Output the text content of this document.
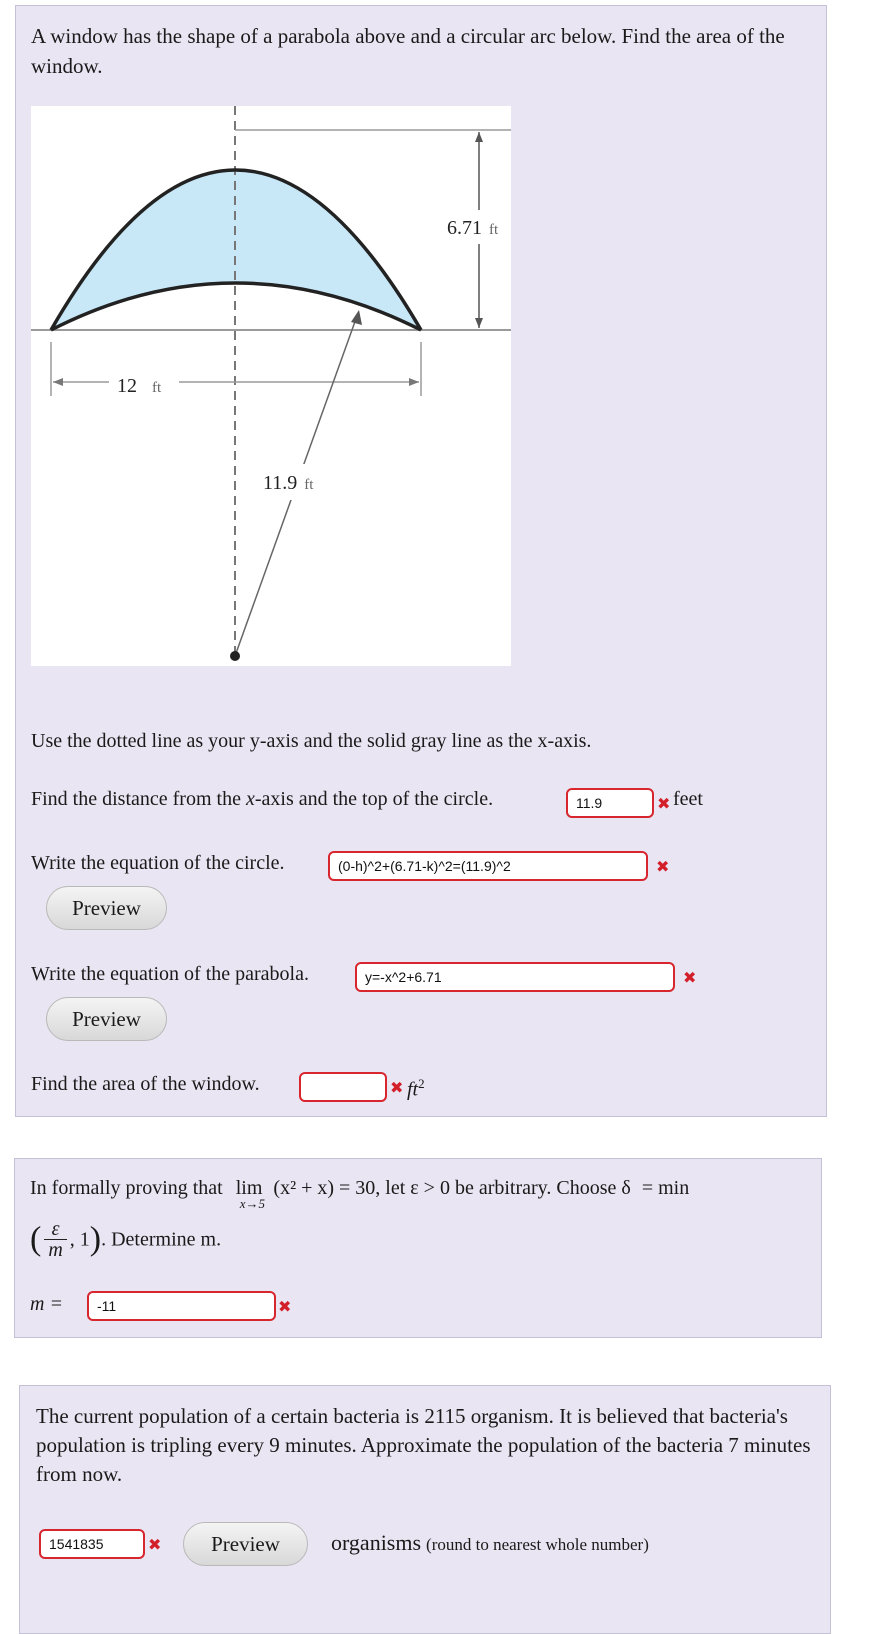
A window has the shape of a parabola above and a circular arc below. Find the area of the window.
6.71 ft
12 ft
11.9 ft
Use the dotted line as your y-axis and the solid gray line as the x-axis.
Find the distance from the x-axis and the top of the circle.
11.9	✖ feet
Write the equation of the circle.
(0-h)^2+(6.71-k)^2=(11.9)^2	✖
Preview
Write the equation of the parabola.
y=-x^2+6.71	✖
Preview
Find the area of the window.	✖ $ft^2$
In formally proving that lim
x→5
(x² + x) = 30, let ε > 0 be arbitrary. Choose δ = min
( $\frac{\varepsilon}{m}$ , 1). Determine m.
m =
-11	✖
The current population of a certain bacteria is 2115 organism. It is believed that bacteria's population is tripling every 9 minutes. Approximate the population of the bacteria 7 minutes from now.
1541835
✖	Preview	organisms (round to nearest whole number)
